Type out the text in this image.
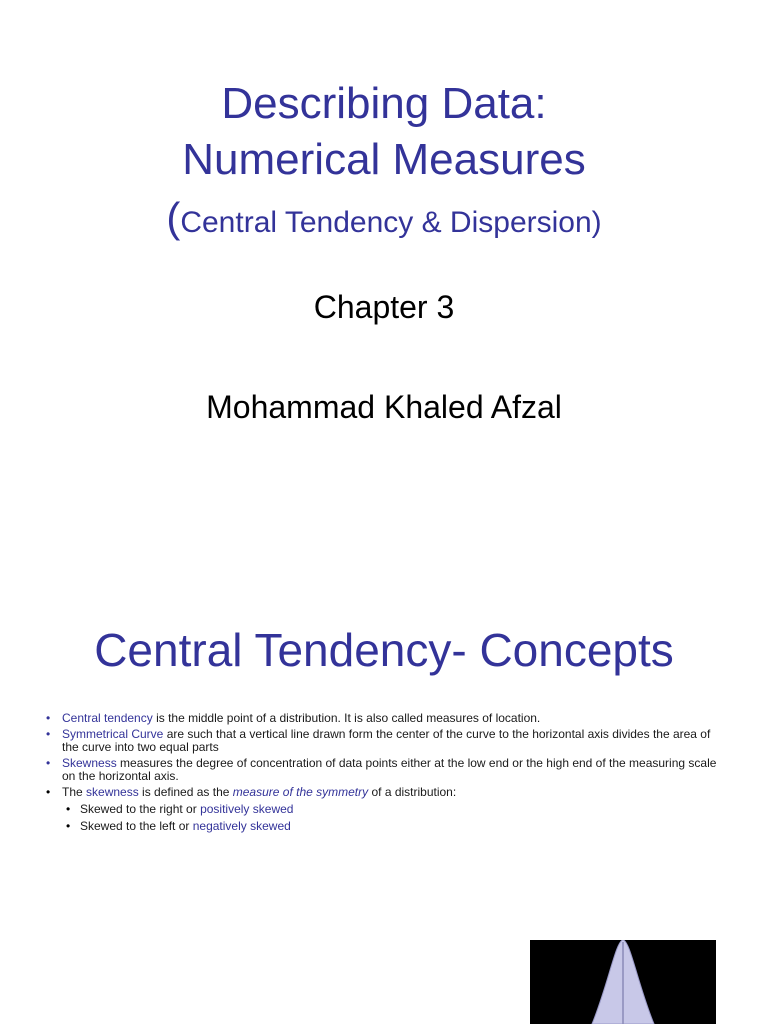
Describing Data:
Numerical Measures
(Central Tendency & Dispersion)
Chapter 3
Mohammad Khaled Afzal
Central Tendency- Concepts
• Central tendency is the middle point of a distribution. It is also called measures of location.
• Symmetrical Curve are such that a vertical line drawn form the center of the curve to the horizontal axis divides the area of the curve into two equal parts
• Skewness measures the degree of concentration of data points either at the low end or the high end of the measuring scale on the horizontal axis.
• The skewness is defined as the measure of the symmetry of a distribution:
• Skewed to the right or positively skewed
• Skewed to the left or negatively skewed
